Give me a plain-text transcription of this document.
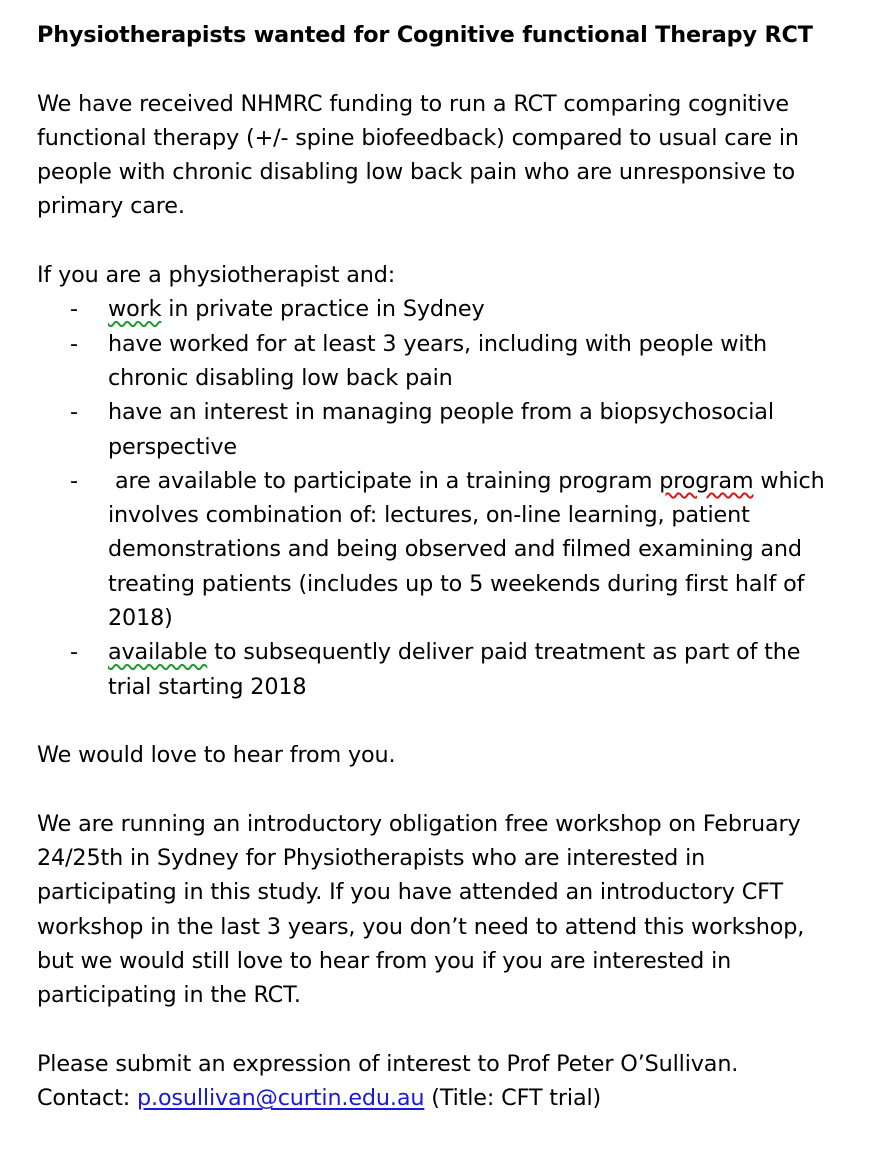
Physiotherapists wanted for Cognitive functional Therapy RCT

We have received NHMRC funding to run a RCT comparing cognitive

functional therapy (+/- spine biofeedback) compared to usual care in

people with chronic disabling low back pain who are unresponsive to

primary care.

If you are a physiotherapist and:

- work in private practice in Sydney

- have worked for at least 3 years, including with people with

chronic disabling low back pain

- have an interest in managing people from a biopsychosocial

perspective

- are available to participate in a training program program which

involves combination of: lectures, on-line learning, patient

demonstrations and being observed and filmed examining and

treating patients (includes up to 5 weekends during first half of

2018)

- available to subsequently deliver paid treatment as part of the

trial starting 2018

We would love to hear from you.

We are running an introductory obligation free workshop on February

24/25th in Sydney for Physiotherapists who are interested in

participating in this study. If you have attended an introductory CFT

workshop in the last 3 years, you don’t need to attend this workshop,

but we would still love to hear from you if you are interested in

participating in the RCT.

Please submit an expression of interest to Prof Peter O’Sullivan.

Contact: p.osullivan@curtin.edu.au (Title: CFT trial)
